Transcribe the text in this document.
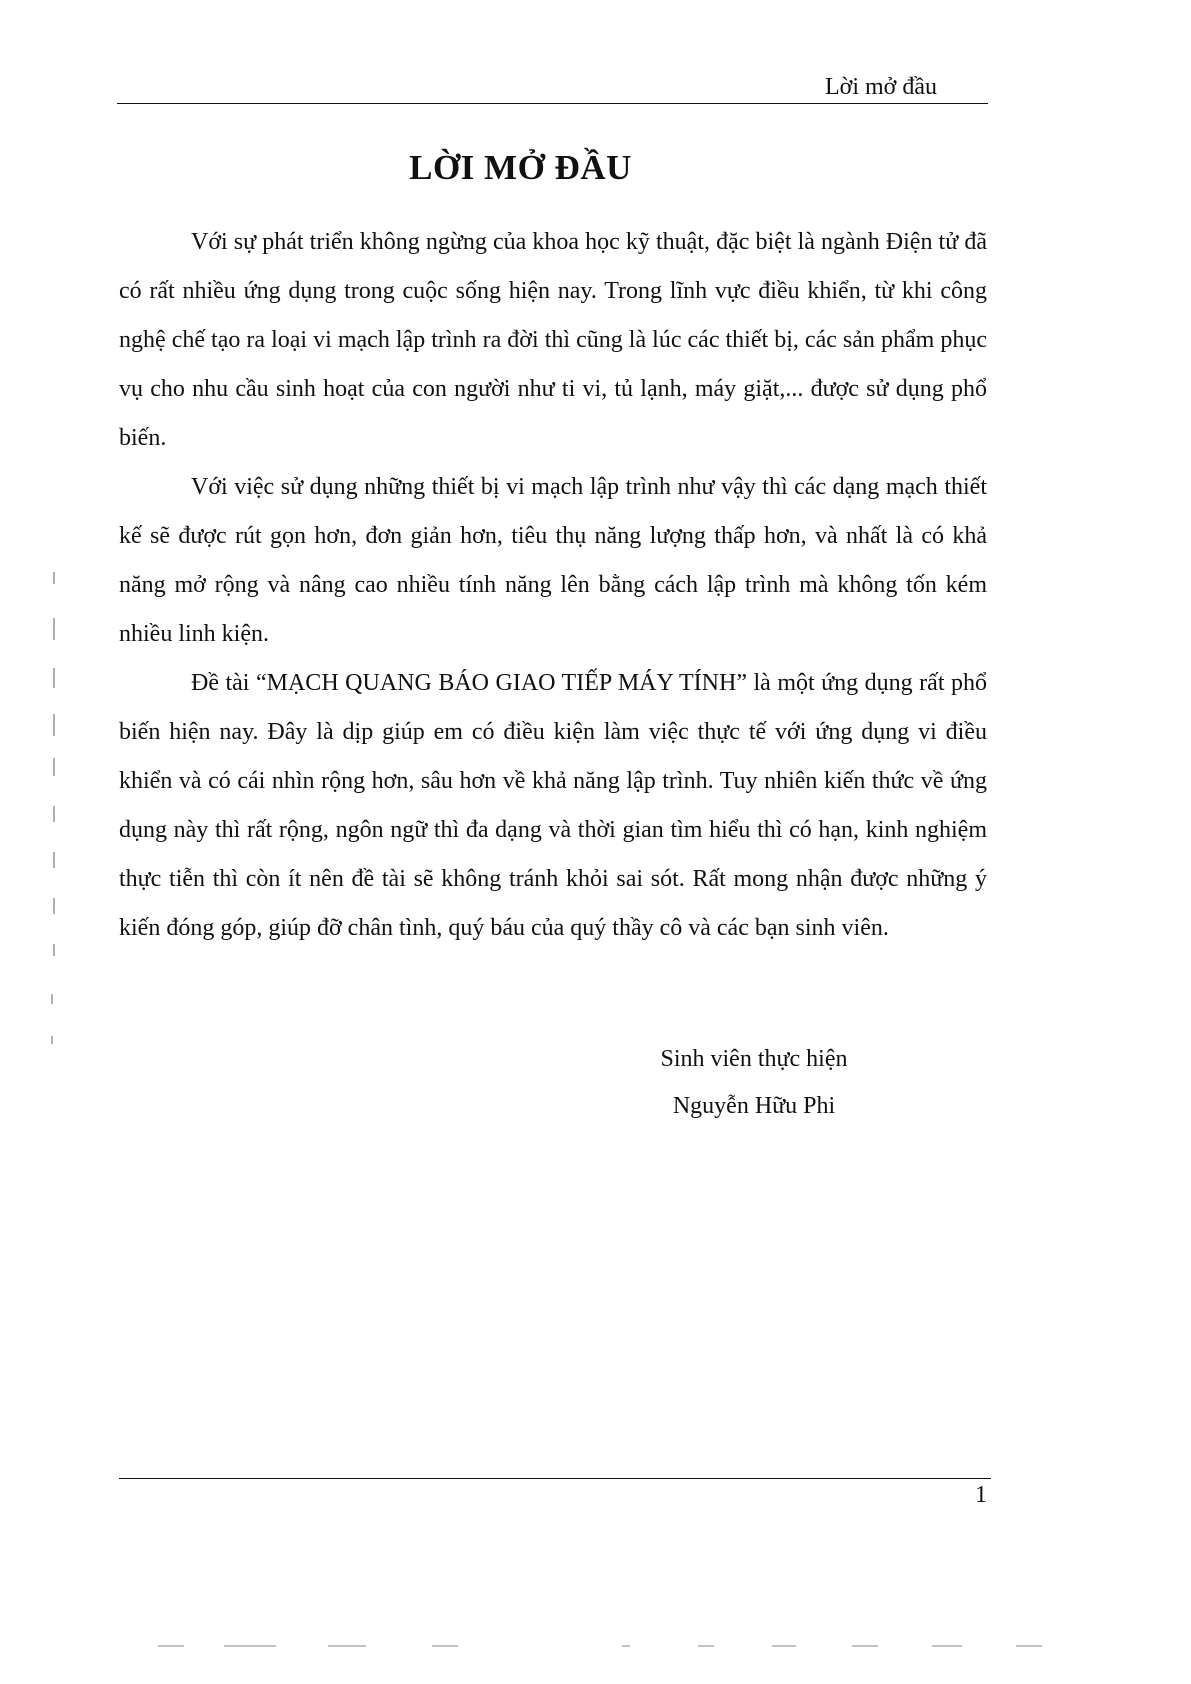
Lời mở đầu
LỜI MỞ ĐẦU

Với sự phát triển không ngừng của khoa học kỹ thuật, đặc biệt là ngành Điện tử đã có rất nhiều ứng dụng trong cuộc sống hiện nay. Trong lĩnh vực điều khiển, từ khi công nghệ chế tạo ra loại vi mạch lập trình ra đời thì cũng là lúc các thiết bị, các sản phẩm phục vụ cho nhu cầu sinh hoạt của con người như ti vi, tủ lạnh, máy giặt,... được sử dụng phổ biến.

Với việc sử dụng những thiết bị vi mạch lập trình như vậy thì các dạng mạch thiết kế sẽ được rút gọn hơn, đơn giản hơn, tiêu thụ năng lượng thấp hơn, và nhất là có khả năng mở rộng và nâng cao nhiều tính năng lên bằng cách lập trình mà không tốn kém nhiều linh kiện.

Đề tài “MẠCH QUANG BÁO GIAO TIẾP MÁY TÍNH” là một ứng dụng rất phổ biến hiện nay. Đây là dịp giúp em có điều kiện làm việc thực tế với ứng dụng vi điều khiển và có cái nhìn rộng hơn, sâu hơn về khả năng lập trình. Tuy nhiên kiến thức về ứng dụng này thì rất rộng, ngôn ngữ thì đa dạng và thời gian tìm hiểu thì có hạn, kinh nghiệm thực tiễn thì còn ít nên đề tài sẽ không tránh khỏi sai sót. Rất mong nhận được những ý kiến đóng góp, giúp đỡ chân tình, quý báu của quý thầy cô và các bạn sinh viên.

Sinh viên thực hiện
Nguyễn Hữu Phi
1
